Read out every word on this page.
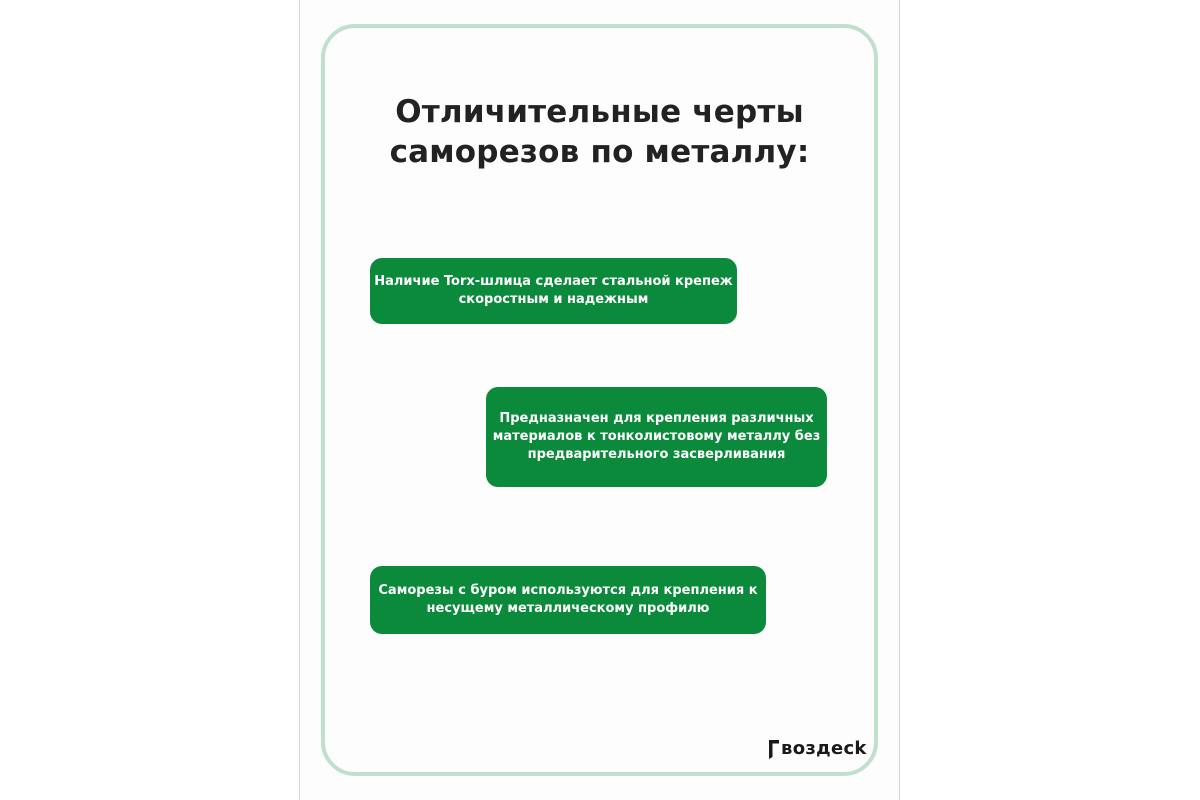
Отличительные черты
саморезов по металлу:
Наличие Torx-шлица сделает стальной крепеж
скоростным и надежным
Предназначен для крепления различных
материалов к тонколистовому металлу без
предварительного засверливания
Саморезы с буром используются для крепления к
несущему металлическому профилю
воздeck
